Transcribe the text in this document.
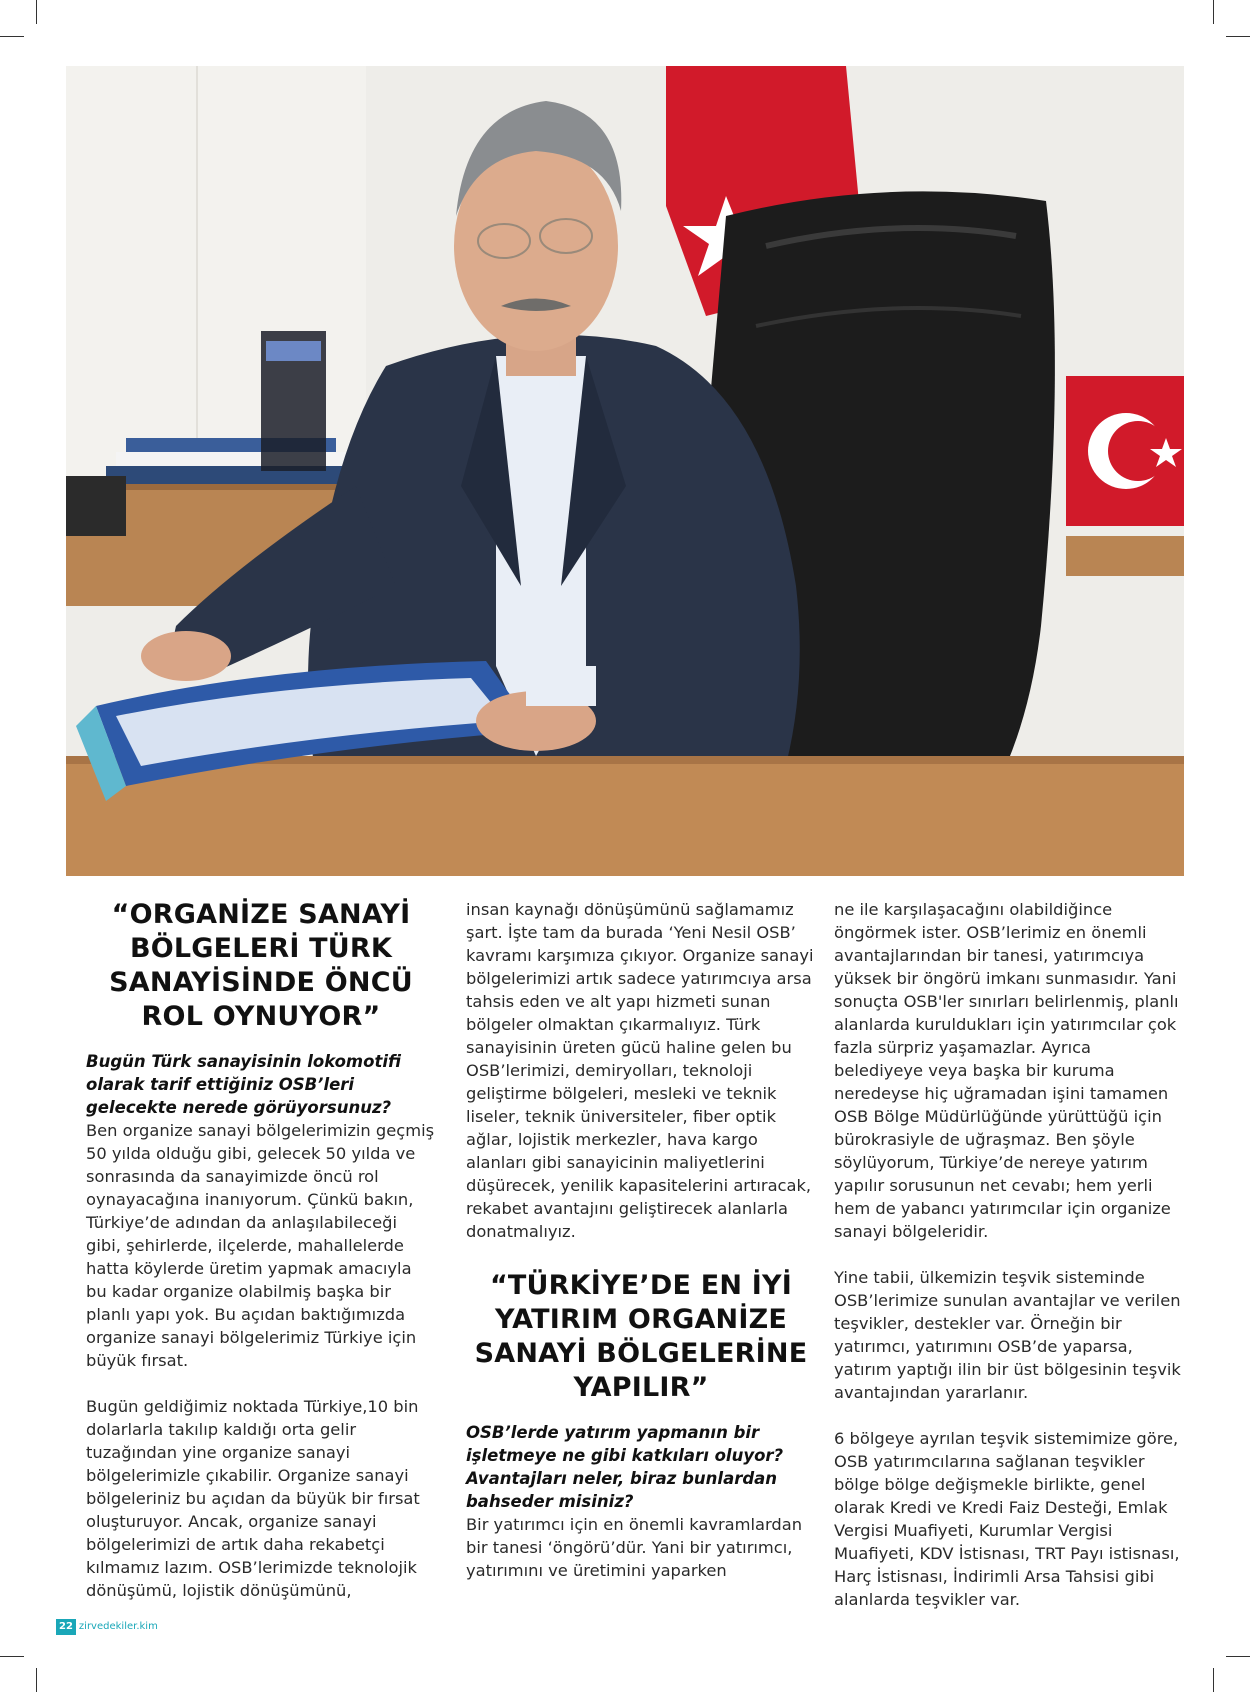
“ORGANİZE SANAYİ BÖLGELERİ TÜRK SANAYİSİNDE ÖNCÜ ROL OYNUYOR”

Bugün Türk sanayisinin lokomotifi olarak tarif ettiğiniz OSB’leri gelecekte nerede görüyorsunuz?

Ben organize sanayi bölgelerimizin geçmiş 50 yılda olduğu gibi, gelecek 50 yılda ve sonrasında da sanayimizde öncü rol oynayacağına inanıyorum. Çünkü bakın, Türkiye’de adından da anlaşılabileceği gibi, şehirlerde, ilçelerde, mahallelerde hatta köylerde üretim yapmak amacıyla bu kadar organize olabilmiş başka bir planlı yapı yok. Bu açıdan baktığımızda organize sanayi bölgelerimiz Türkiye için büyük fırsat.

Bugün geldiğimiz noktada Türkiye,10 bin dolarlarla takılıp kaldığı orta gelir tuzağından yine organize sanayi bölgelerimizle çıkabilir. Organize sanayi bölgeleriniz bu açıdan da büyük bir fırsat oluşturuyor. Ancak, organize sanayi bölgelerimizi de artık daha rekabetçi kılmamız lazım. OSB’lerimizde teknolojik dönüşümü, lojistik dönüşümünü,

insan kaynağı dönüşümünü sağlamamız şart. İşte tam da burada ‘Yeni Nesil OSB’ kavramı karşımıza çıkıyor. Organize sanayi bölgelerimizi artık sadece yatırımcıya arsa tahsis eden ve alt yapı hizmeti sunan bölgeler olmaktan çıkarmalıyız. Türk sanayisinin üreten gücü haline gelen bu OSB’lerimizi, demiryolları, teknoloji geliştirme bölgeleri, mesleki ve teknik liseler, teknik üniversiteler, fiber optik ağlar, lojistik merkezler, hava kargo alanları gibi sanayicinin maliyetlerini düşürecek, yenilik kapasitelerini artıracak, rekabet avantajını geliştirecek alanlarla donatmalıyız.

“TÜRKİYE’DE EN İYİ YATIRIM ORGANİZE SANAYİ BÖLGELERİNE YAPILIR”

OSB’lerde yatırım yapmanın bir işletmeye ne gibi katkıları oluyor? Avantajları neler, biraz bunlardan bahseder misiniz?

Bir yatırımcı için en önemli kavramlardan bir tanesi ‘öngörü’dür. Yani bir yatırımcı, yatırımını ve üretimini yaparken

ne ile karşılaşacağını olabildiğince öngörmek ister. OSB’lerimiz en önemli avantajlarından bir tanesi, yatırımcıya yüksek bir öngörü imkanı sunmasıdır. Yani sonuçta OSB'ler sınırları belirlenmiş, planlı alanlarda kuruldukları için yatırımcılar çok fazla sürpriz yaşamazlar. Ayrıca belediyeye veya başka bir kuruma neredeyse hiç uğramadan işini tamamen OSB Bölge Müdürlüğünde yürüttüğü için bürokrasiyle de uğraşmaz. Ben şöyle söylüyorum, Türkiye’de nereye yatırım yapılır sorusunun net cevabı; hem yerli hem de yabancı yatırımcılar için organize sanayi bölgeleridir.

Yine tabii, ülkemizin teşvik sisteminde OSB’lerimize sunulan avantajlar ve verilen teşvikler, destekler var. Örneğin bir yatırımcı, yatırımını OSB’de yaparsa, yatırım yaptığı ilin bir üst bölgesinin teşvik avantajından yararlanır.

6 bölgeye ayrılan teşvik sistemimize göre, OSB yatırımcılarına sağlanan teşvikler bölge bölge değişmekle birlikte, genel olarak Kredi ve Kredi Faiz Desteği, Emlak Vergisi Muafiyeti, Kurumlar Vergisi Muafiyeti, KDV İstisnası, TRT Payı istisnası, Harç İstisnası, İndirimli Arsa Tahsisi gibi alanlarda teşvikler var.

22 zirvedekiler.kim
